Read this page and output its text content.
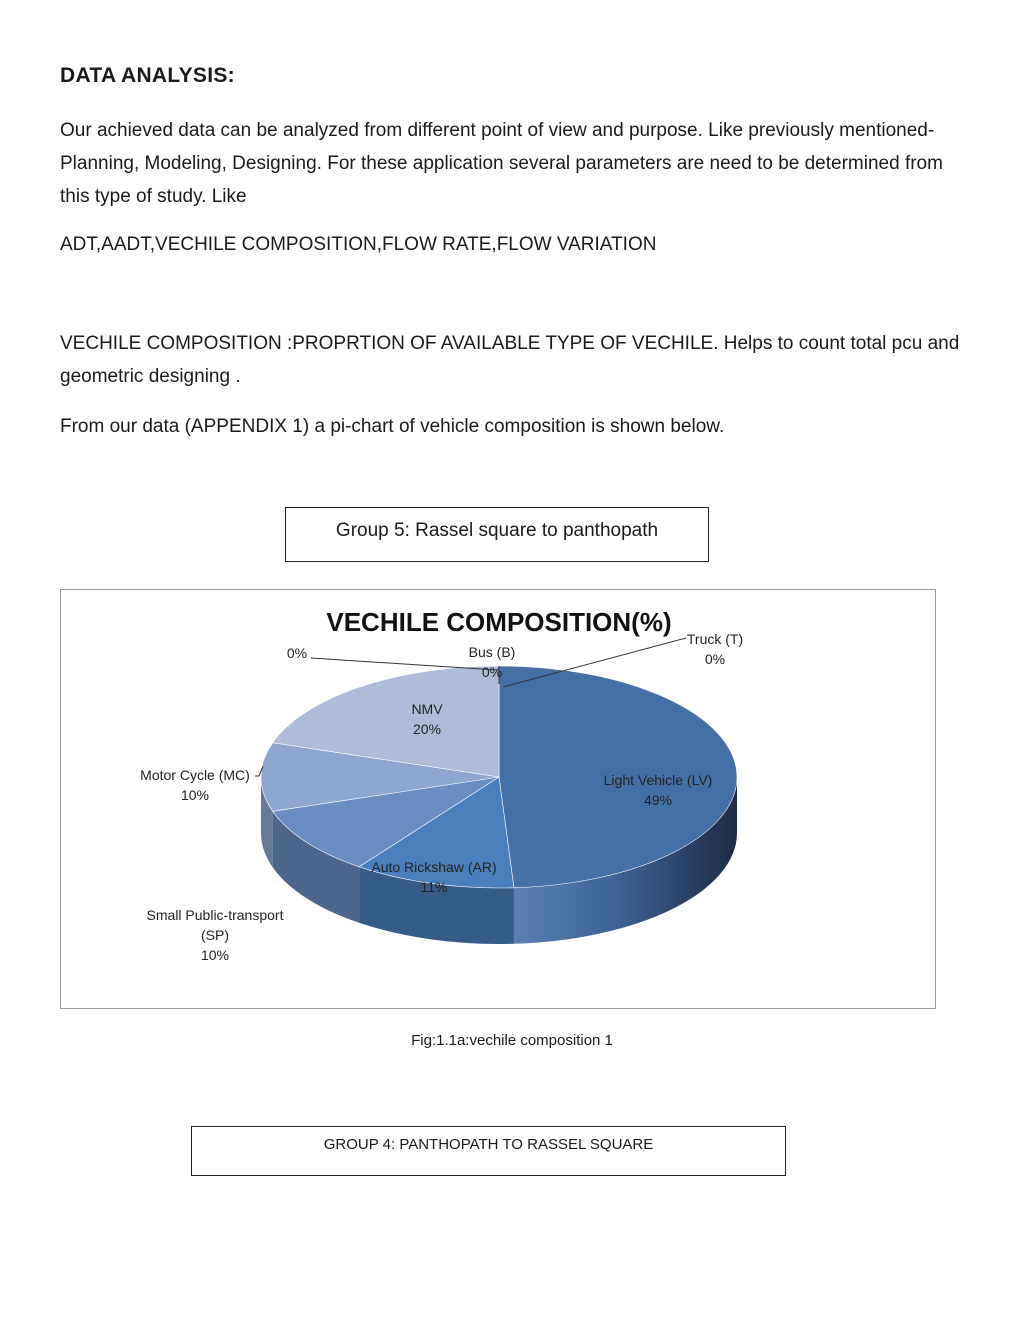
DATA ANALYSIS:

Our achieved data can be analyzed from different point of view and purpose. Like previously mentioned-Planning, Modeling, Designing. For these application several parameters are need to be determined from this type of study. Like

ADT,AADT,VECHILE COMPOSITION,FLOW RATE,FLOW VARIATION

VECHILE COMPOSITION :PROPRTION OF AVAILABLE TYPE OF VECHILE. Helps to count total pcu and geometric designing .

From our data (APPENDIX 1) a pi-chart of vehicle composition is shown below.

Group 5: Rassel square to panthopath
VECHILE COMPOSITION(%)
Light Vehicle (LV)
49%
Auto Rickshaw (AR)
11%
Small Public-transport
(SP)
10%
Motor Cycle (MC)
10%
NMV
20%
0%	Bus (B)
0%
Truck (T)
0%
Fig:1.1a:vechile composition 1
GROUP 4: PANTHOPATH TO RASSEL SQUARE
